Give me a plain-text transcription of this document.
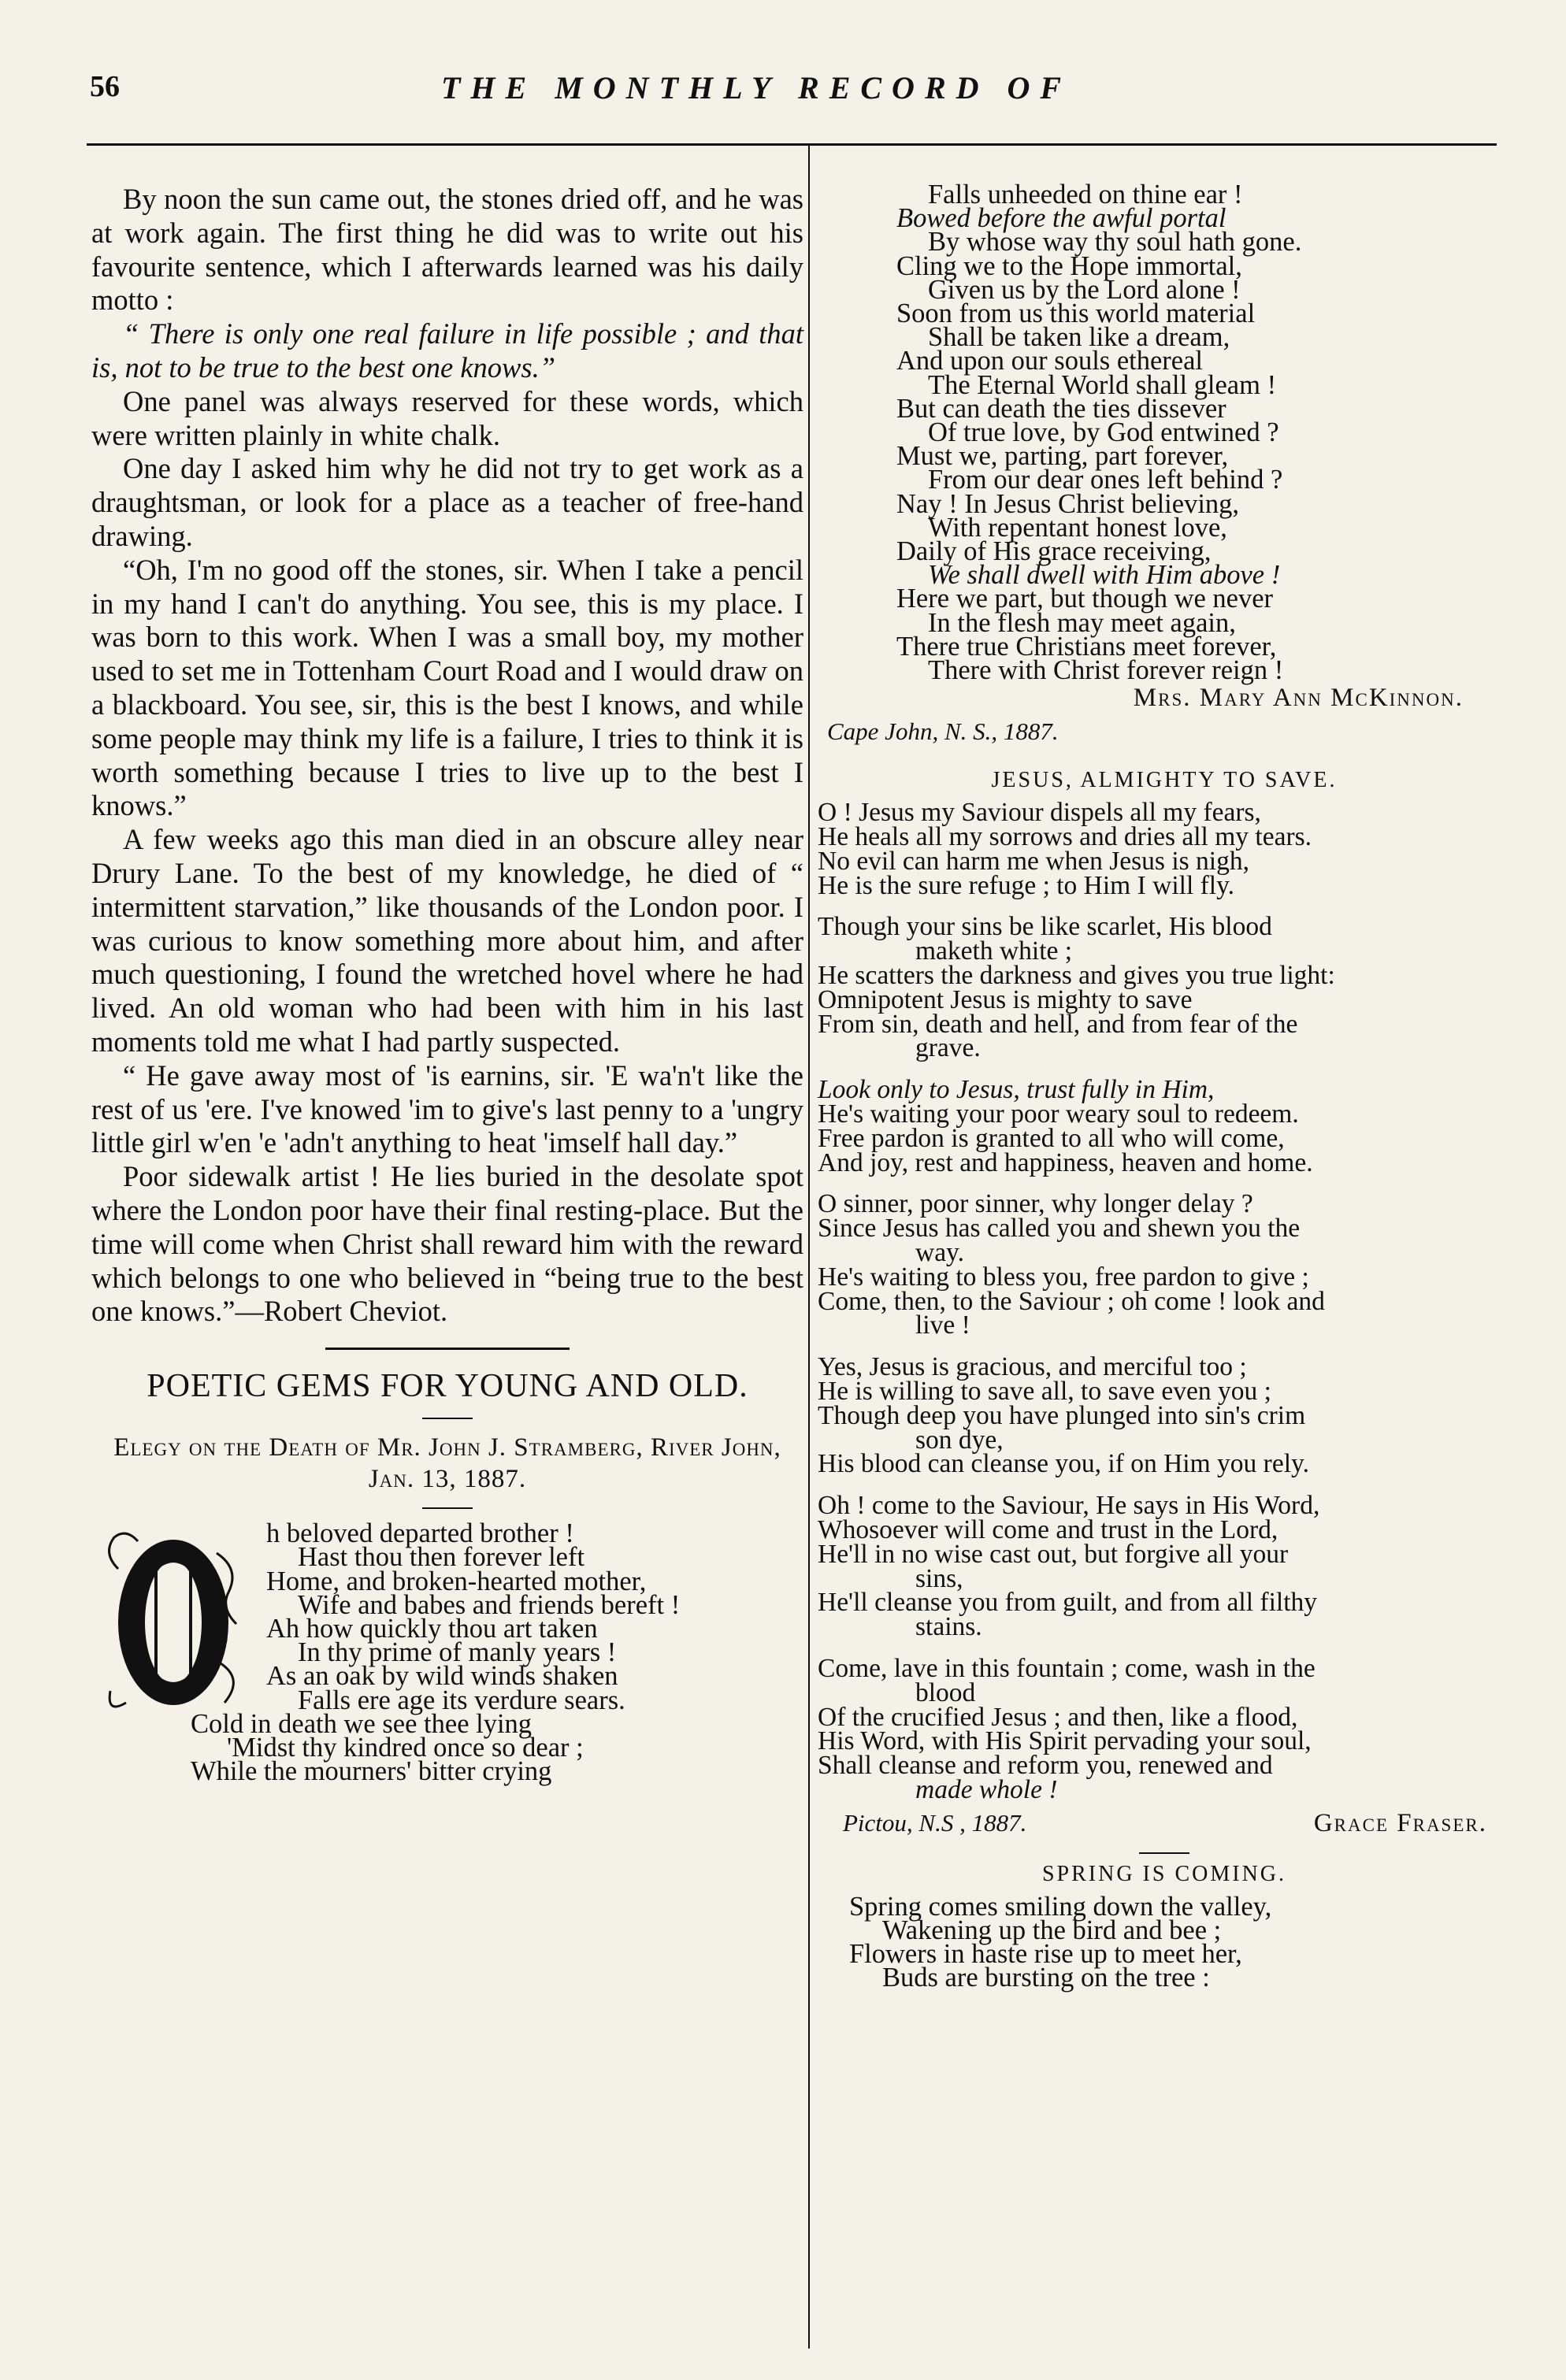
56	THE MONTHLY RECORD OF

By noon the sun came out, the stones dried off, and he was at work again. The first thing he did was to write out his favourite sentence, which I afterwards learned was his daily motto :

“ There is only one real failure in life possible ; and that is, not to be true to the best one knows.”

One panel was always reserved for these words, which were written plainly in white chalk.

One day I asked him why he did not try to get work as a draughtsman, or look for a place as a teacher of free-hand drawing.

“Oh, I'm no good off the stones, sir. When I take a pencil in my hand I can't do anything. You see, this is my place. I was born to this work. When I was a small boy, my mother used to set me in Tottenham Court Road and I would draw on a blackboard. You see, sir, this is the best I knows, and while some people may think my life is a failure, I tries to think it is worth something because I tries to live up to the best I knows.”

A few weeks ago this man died in an obscure alley near Drury Lane. To the best of my knowledge, he died of “ intermittent starvation,” like thousands of the London poor. I was curious to know something more about him, and after much questioning, I found the wretched hovel where he had lived. An old woman who had been with him in his last moments told me what I had partly suspected.

“ He gave away most of 'is earnins, sir. 'E wa'n't like the rest of us 'ere. I've knowed 'im to give's last penny to a 'ungry little girl w'en 'e 'adn't anything to heat 'imself hall day.”

Poor sidewalk artist ! He lies buried in the desolate spot where the London poor have their final resting-place. But the time will come when Christ shall reward him with the reward which belongs to one who believed in “being true to the best one knows.”—Robert Cheviot.

POETIC GEMS FOR YOUNG AND OLD.
Elegy on the Death of Mr. John J. Stramberg, River John, Jan. 13, 1887.
h beloved departed brother !
Hast thou then forever left
Home, and broken-hearted mother,
Wife and babes and friends bereft !
Ah how quickly thou art taken
In thy prime of manly years !
As an oak by wild winds shaken
Falls ere age its verdure sears.
Cold in death we see thee lying
'Midst thy kindred once so dear ;
While the mourners' bitter crying
Falls unheeded on thine ear !
Bowed before the awful portal
By whose way thy soul hath gone.
Cling we to the Hope immortal,
Given us by the Lord alone !
Soon from us this world material
Shall be taken like a dream,
And upon our souls ethereal
The Eternal World shall gleam !
But can death the ties dissever
Of true love, by God entwined ?
Must we, parting, part forever,
From our dear ones left behind ?
Nay ! In Jesus Christ believing,
With repentant honest love,
Daily of His grace receiving,
We shall dwell with Him above !
Here we part, but though we never
In the flesh may meet again,
There true Christians meet forever,
There with Christ forever reign !
Mrs. Mary Ann McKinnon.
Cape John, N. S., 1887.
JESUS, ALMIGHTY TO SAVE.
O ! Jesus my Saviour dispels all my fears,
He heals all my sorrows and dries all my tears.
No evil can harm me when Jesus is nigh,
He is the sure refuge ; to Him I will fly.
Though your sins be like scarlet, His blood
maketh white ;
He scatters the darkness and gives you true light:
Omnipotent Jesus is mighty to save
From sin, death and hell, and from fear of the
grave.
Look only to Jesus, trust fully in Him,
He's waiting your poor weary soul to redeem.
Free pardon is granted to all who will come,
And joy, rest and happiness, heaven and home.
O sinner, poor sinner, why longer delay ?
Since Jesus has called you and shewn you the
way.
He's waiting to bless you, free pardon to give ;
Come, then, to the Saviour ; oh come ! look and
live !
Yes, Jesus is gracious, and merciful too ;
He is willing to save all, to save even you ;
Though deep you have plunged into sin's crim
son dye,
His blood can cleanse you, if on Him you rely.
Oh ! come to the Saviour, He says in His Word,
Whosoever will come and trust in the Lord,
He'll in no wise cast out, but forgive all your
sins,
He'll cleanse you from guilt, and from all filthy
stains.
Come, lave in this fountain ; come, wash in the
blood
Of the crucified Jesus ; and then, like a flood,
His Word, with His Spirit pervading your soul,
Shall cleanse and reform you, renewed and
made whole !
Pictou, N.S , 1887.	Grace Fraser.
SPRING IS COMING.
Spring comes smiling down the valley,
Wakening up the bird and bee ;
Flowers in haste rise up to meet her,
Buds are bursting on the tree :
